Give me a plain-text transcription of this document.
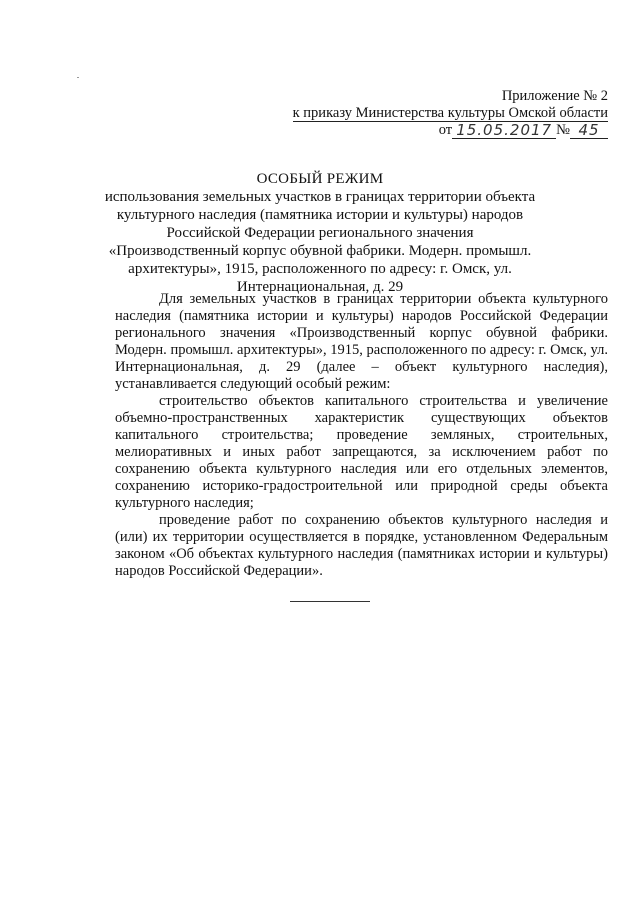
Приложение № 2
к приказу Министерства культуры Омской области
от 15.05.2017 № 45
ОСОБЫЙ РЕЖИМ
использования земельных участков в границах территории объекта культурного наследия (памятника истории и культуры) народов Российской Федерации регионального значения «Производственный корпус обувной фабрики. Модерн. промышл. архитектуры», 1915, расположенного по адресу: г. Омск, ул. Интернациональная, д. 29

Для земельных участков в границах территории объекта культурного наследия (памятника истории и культуры) народов Российской Федерации регионального значения «Производственный корпус обувной фабрики. Модерн. промышл. архитектуры», 1915, расположенного по адресу: г. Омск, ул. Интернациональная, д. 29 (далее – объект культурного наследия), устанавливается следующий особый режим:

строительство объектов капитального строительства и увеличение объемно-пространственных характеристик существующих объектов капитального строительства; проведение земляных, строительных, мелиоративных и иных работ запрещаются, за исключением работ по сохранению объекта культурного наследия или его отдельных элементов, сохранению историко-градостроительной или природной среды объекта культурного наследия;

проведение работ по сохранению объектов культурного наследия и (или) их территории осуществляется в порядке, установленном Федеральным законом «Об объектах культурного наследия (памятниках истории и культуры) народов Российской Федерации».
